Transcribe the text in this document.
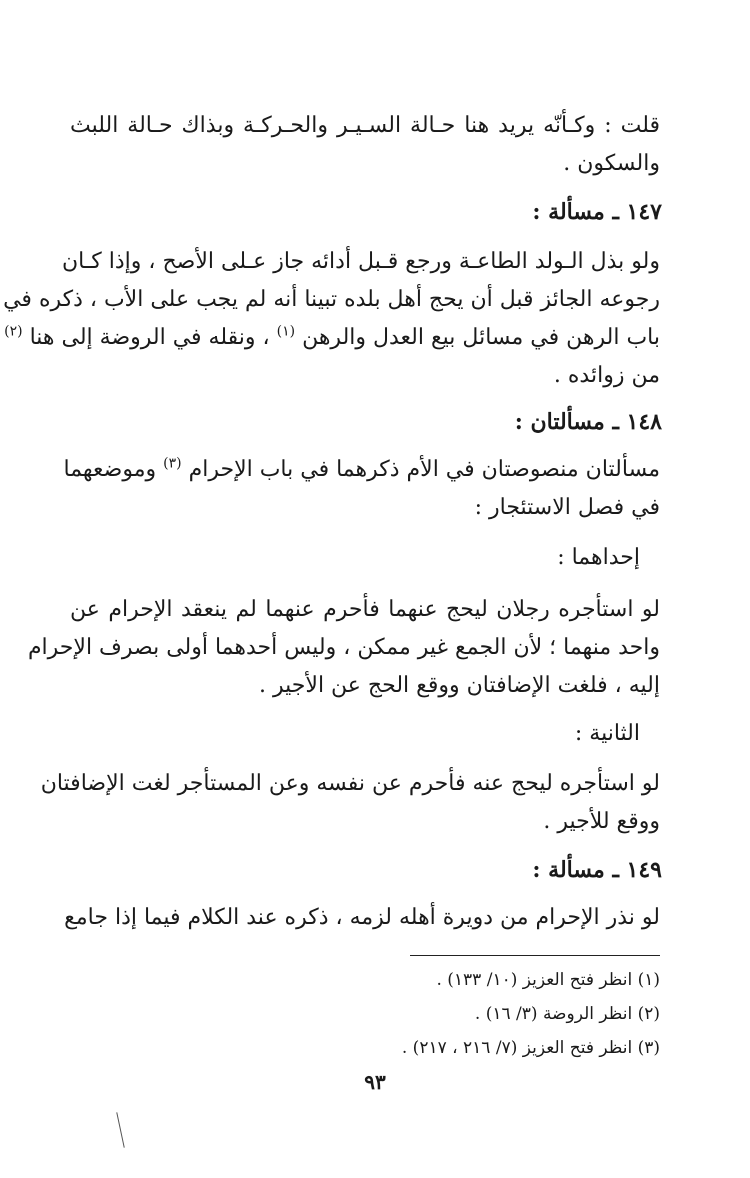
قلت : وكـأنّه يريد هنا حـالة السـيـر والحـركـة وبذاك حـالة اللبث
والسكون .
١٤٧ ـ مسألة :
ولو بذل الـولد الطاعـة ورجع قـبل أدائه جاز عـلى الأصح ، وإذا كـان
رجوعه الجائز قبل أن يحج أهل بلده تبينا أنه لم يجب على الأب ، ذكره في
باب الرهن في مسائل بيع العدل والرهن $^{(١)}$ ، ونقله في الروضة إلى هنا $^{(٢)}$
من زوائده .
١٤٨ ـ مسألتان :
مسألتان منصوصتان في الأم ذكرهما في باب الإحرام $^{(٣)}$ وموضعهما
في فصل الاستئجار :
إحداهما :
لو استأجره رجلان ليحج عنهما فأحرم عنهما لم ينعقد الإحرام عن
واحد منهما ؛ لأن الجمع غير ممكن ، وليس أحدهما أولى بصرف الإحرام
إليه ، فلغت الإضافتان ووقع الحج عن الأجير .
الثانية :
لو استأجره ليحج عنه فأحرم عن نفسه وعن المستأجر لغت الإضافتان
ووقع للأجير .
١٤٩ ـ مسألة :
لو نذر الإحرام من دويرة أهله لزمه ، ذكره عند الكلام فيما إذا جامع
(١) انظر فتح العزيز (١٠/ ١٣٣) .
(٢) انظر الروضة (٣/ ١٦) .
(٣) انظر فتح العزيز (٧/ ٢١٦ ، ٢١٧) .
٩٣
